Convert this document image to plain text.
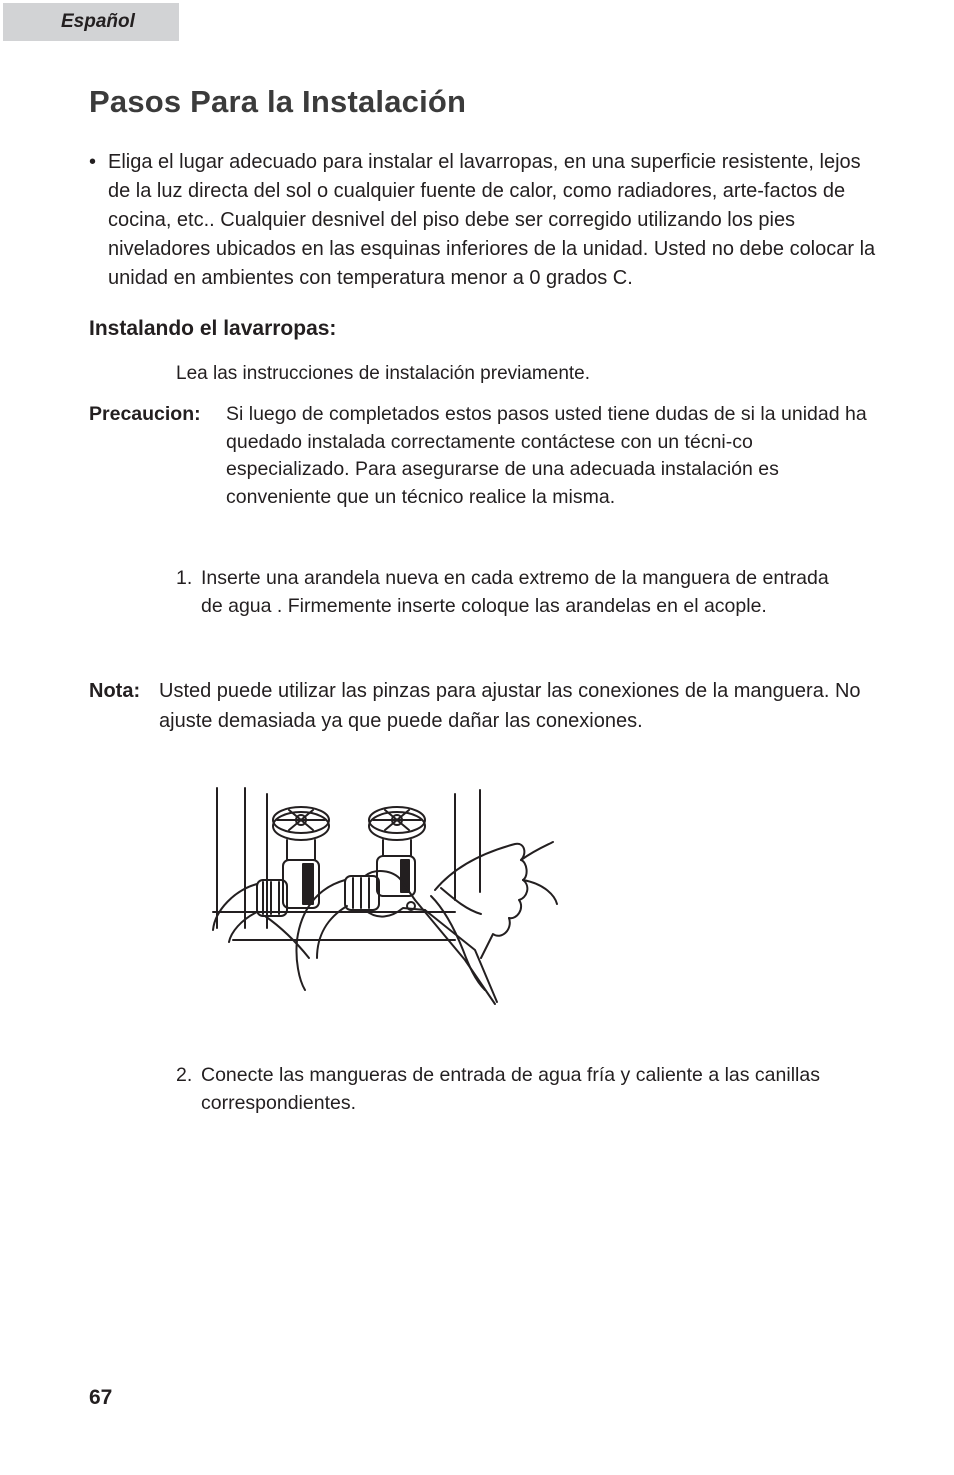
Español
Pasos Para la Instalación
• Eliga el lugar adecuado para instalar el lavarropas, en una superficie resistente, lejos de la luz directa del sol o cualquier fuente de calor, como radiadores, arte-factos de cocina, etc.. Cualquier desnivel del piso debe ser corregido utilizando los pies niveladores ubicados en las esquinas inferiores de la unidad. Usted no debe colocar la unidad en ambientes con temperatura menor a 0 grados C.
Instalando el lavarropas:
Lea las instrucciones de instalación previamente.
Precaucion: Si luego de completados estos pasos usted tiene dudas de si la unidad ha quedado instalada correctamente contáctese con un técni-co especializado. Para asegurarse de una adecuada instalación es conveniente que un técnico realice la misma.
1. Inserte una arandela nueva en cada extremo de la manguera de entrada de agua . Firmemente inserte coloque las arandelas en el acople.
Nota: Usted puede utilizar las pinzas para ajustar las conexiones de la manguera. No ajuste demasiada ya que puede dañar las conexiones.
2. Conecte las mangueras de entrada de agua fría y caliente a las canillas correspondientes.
67
